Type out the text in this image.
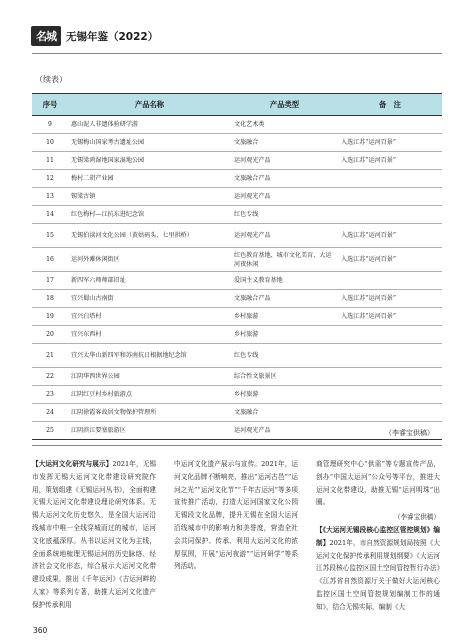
名城 无锡年鉴（2022）
（续表）
序号	产品名称	产品类型	备　注
9	惠山泥人非遗体验研学游	文化艺术类	
10	无锡梅山国家考古遗址公园	文旅融合	入选江苏“运河百景”
11	无锡梁鸿湿地国家湿地公园	运河观光产品	入选江苏“运河百景”
12	梅村二胡产业园	文旅融合产品	
13	锡梁古镇	运河观光产品	
14	红色梅村—江抗东进纪念馆	红色专线	
15	无锡伯渎河文化公园（黄姑码头、七里拱桥）	运河观光产品	入选江苏“运河百景”
16	运河外滩休闲街区	红色教育基地、城市文化美育、大运河夜休闲	入选江苏“运河百景”
17	新四军六师师部旧址	爱国主义教育基地	
18	宜兴蜀山古南街	文旅融合产品	入选江苏“运河百景”
19	宜兴白塔村	乡村旅游	入选江苏“运河百景”
20	宜兴东西村	乡村旅游	
21	宜兴太华山新四军和苏南抗日根据地纪念馆	红色专线	
22	江阴华西世界公园	综合性文旅景区	
23	江阴红豆村乡村旅游点	乡村旅游	
24	江阴徐霞客故居文物保护管理所	文旅融合	
25	江阴滨江要塞旅游区	运河观光产品		（李睿宝供稿）

【大运河文化研究与展示】2021年，无锡市发挥无锡大运河文化带建设研究院作用，策划组建《无锡运河丛书》，全面构建无锡大运河文化带建设理论研究体系。无锡大运河文化历史悠久，是全国大运河沿线城市中唯一全线穿城而过的城市，运河文化底蕴深厚。丛书以运河文化为主线，全面系统地梳理无锡运河的历史脉络、经济社会文化形态，综合展示大运河文化带建设成果，推出《千年运河》《古运河畔的人家》等系列专著，助推大运河文化遗产保护传承利用

中运河文化遗产展示与宣传。2021年，运河文化品牌不断响亮，推出“运河古邑”“运河之光”“运河文化节”“千年古运河”等多项宣传推广活动，打造大运河国家文化公园无锡段文化品牌，提升无锡在全国大运河沿线城市中的影响力和美誉度，营造全社会共同保护、传承、利用大运河文化的浓厚氛围，开展“运河夜游”“运河研学”等系列活动。

商管理研究中心“供需”等专题宣传产品，创办“中国大运河”公众号等平台，推进大运河文化带建设，助推无锡“运河明珠”出圈。

（李睿宝供稿）

【《大运河无锡段核心监控区管控规划》编制】2021年，市自然资源规划局按照《大运河文化保护传承利用规划纲要》《大运河江苏段核心监控区国土空间管控暂行办法》《江苏省自然资源厅关于做好大运河核心监控区国土空间管控规划编制工作的通知》，结合无锡实际，编制《大

360
